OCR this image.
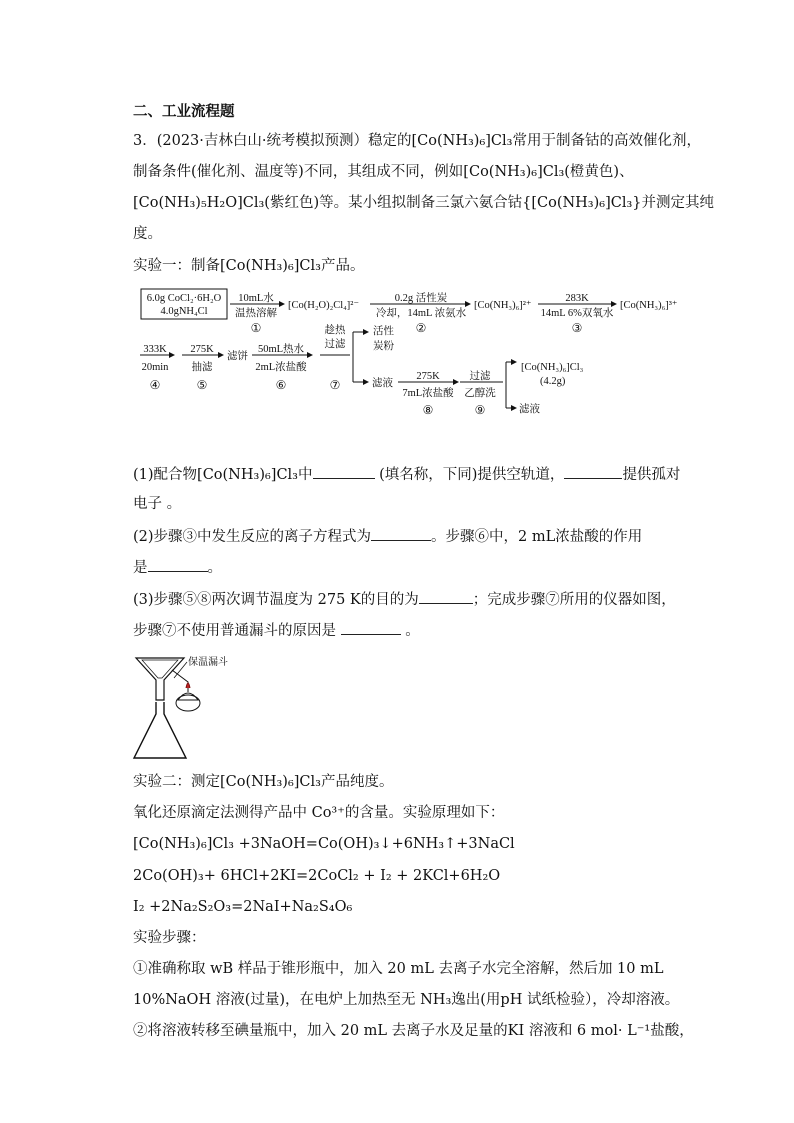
二、工业流程题
3．(2023·吉林白山·统考模拟预测）稳定的[Co(NH₃)₆]Cl₃常用于制备钴的高效催化剂，
制备条件(催化剂、温度等)不同，其组成不同，例如[Co(NH₃)₆]Cl₃(橙黄色)、
[Co(NH₃)₅H₂O]Cl₃(紫红色)等。某小组拟制备三氯六氨合钴{[Co(NH₃)₆]Cl₃}并测定其纯
度。
实验一：制备[Co(NH₃)₆]Cl₃产品。
6.0g CoCl₂·6H₂O
4.0gNH₄Cl
10mL水
温热溶解
①
[Co(H₂O)₂Cl₄]²⁻
0.2g 活性炭
冷却，14mL 浓氨水
②
[Co(NH₃)₆]²⁺
283K
14mL 6%双氧水
③
[Co(NH₃)₆]³⁺
333K
20min
④
275K
抽滤
⑤
滤饼
50mL热水
2mL浓盐酸
⑥
趁热
过滤
⑦
活性
炭粉
滤液
275K
7mL浓盐酸
⑧
过滤
乙醇洗
⑨
[Co(NH₃)₆]Cl₃
(4.2g)
滤液
(1)配合物[Co(NH₃)₆]Cl₃中	(填名称，下同)提供空轨道，	提供孤对
电子 。
(2)步骤③中发生反应的离子方程式为	。步骤⑥中，2 mL浓盐酸的作用
是	。
(3)步骤⑤⑧两次调节温度为 275 K的目的为	；完成步骤⑦所用的仪器如图，
步骤⑦不使用普通漏斗的原因是	。
保温漏斗
实验二：测定[Co(NH₃)₆]Cl₃产品纯度。
氧化还原滴定法测得产品中 Co³⁺的含量。实验原理如下：
[Co(NH₃)₆]Cl₃ +3NaOH=Co(OH)₃↓+6NH₃↑+3NaCl
2Co(OH)₃+ 6HCl+2KI=2CoCl₂ + I₂ + 2KCl+6H₂O
I₂ +2Na₂S₂O₃=2NaI+Na₂S₄O₆
实验步骤：
①准确称取 wB 样品于锥形瓶中，加入 20 mL 去离子水完全溶解，然后加 10 mL
10%NaOH 溶液(过量)，在电炉上加热至无 NH₃逸出(用pH 试纸检验），冷却溶液。
②将溶液转移至碘量瓶中，加入 20 mL 去离子水及足量的KI 溶液和 6 mol· L⁻¹盐酸，
